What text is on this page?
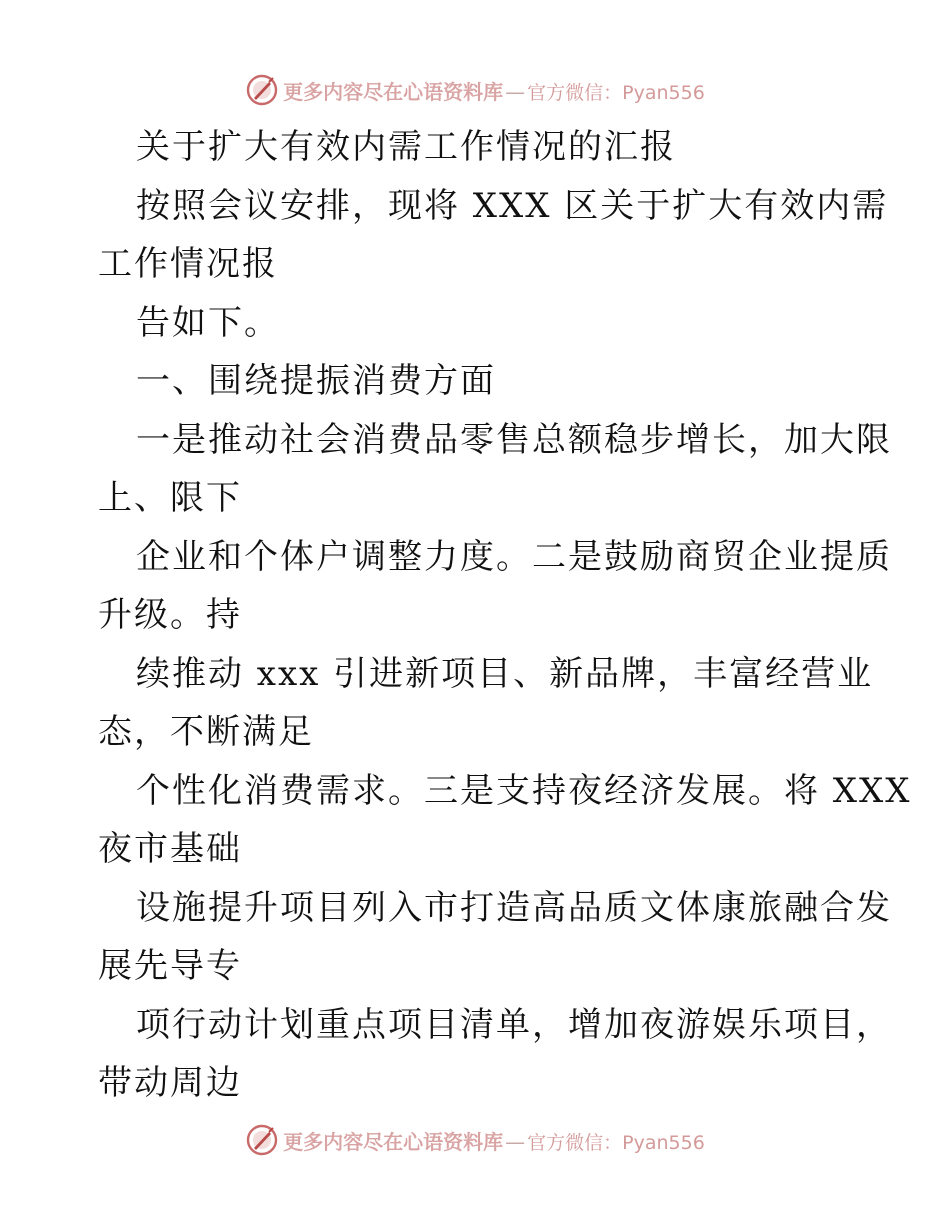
更多内容尽在心语资料库 — 官方微信：Pyan556
关于扩大有效内需工作情况的汇报
按照会议安排，现将 XXX 区关于扩大有效内需
工作情况报
告如下。
一、围绕提振消费方面
一是推动社会消费品零售总额稳步增长，加大限
上、限下
企业和个体户调整力度。二是鼓励商贸企业提质
升级。持
续推动 xxx 引进新项目、新品牌，丰富经营业
态，不断满足
个性化消费需求。三是支持夜经济发展。将 XXX
夜市基础
设施提升项目列入市打造高品质文体康旅融合发
展先导专
项行动计划重点项目清单，增加夜游娱乐项目，
带动周边
更多内容尽在心语资料库 — 官方微信：Pyan556
